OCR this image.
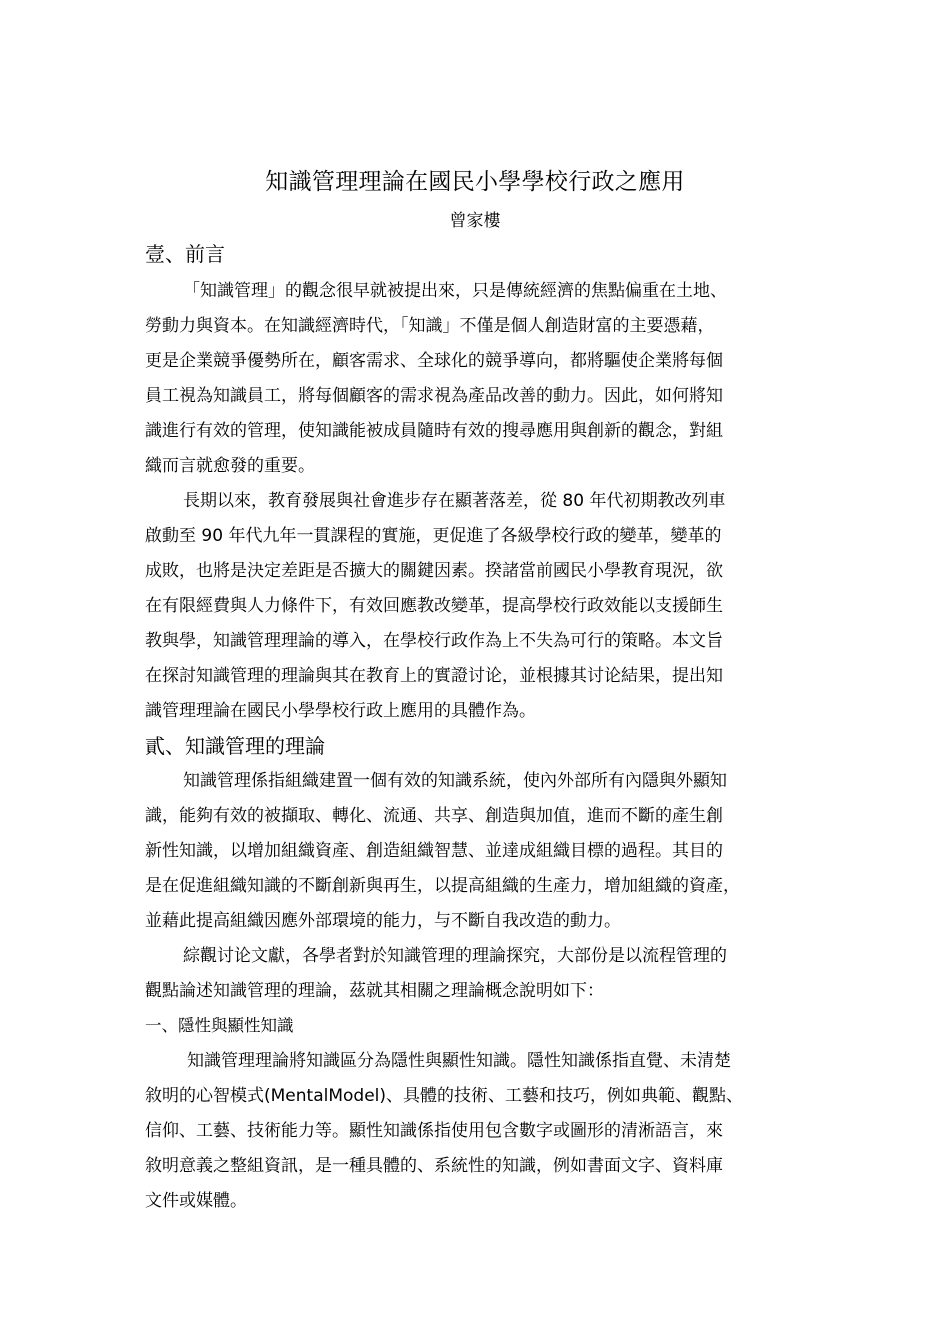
知識管理理論在國民小學學校行政之應用
曾家樓
壹、前言
「知識管理」的觀念很早就被提出來，只是傳統經濟的焦點偏重在土地、
勞動力與資本。在知識經濟時代，「知識」不僅是個人創造財富的主要憑藉，
更是企業競爭優勢所在，顧客需求、全球化的競爭導向，都將驅使企業將每個
員工視為知識員工，將每個顧客的需求視為產品改善的動力。因此，如何將知
識進行有效的管理，使知識能被成員隨時有效的搜尋應用與創新的觀念，對組
織而言就愈發的重要。
長期以來，教育發展與社會進步存在顯著落差，從 80 年代初期教改列車
啟動至 90 年代九年一貫課程的實施，更促進了各級學校行政的變革，變革的
成敗，也將是決定差距是否擴大的關鍵因素。揆諸當前國民小學教育現況，欲
在有限經費與人力條件下，有效回應教改變革，提高學校行政效能以支援師生
教與學，知識管理理論的導入，在學校行政作為上不失為可行的策略。本文旨
在探討知識管理的理論與其在教育上的實證讨论，並根據其讨论結果，提出知
識管理理論在國民小學學校行政上應用的具體作為。
貳、知識管理的理論
知識管理係指組織建置一個有效的知識系統，使內外部所有內隱與外顯知
識，能夠有效的被擷取、轉化、流通、共享、創造與加值，進而不斷的產生創
新性知識，以增加組織資產、創造組織智慧、並達成組織目標的過程。其目的
是在促進組織知識的不斷創新與再生，以提高組織的生產力，增加組織的資產，
並藉此提高組織因應外部環境的能力，与不斷自我改造的動力。
綜觀讨论文獻，各學者對於知識管理的理論探究，大部份是以流程管理的
觀點論述知識管理的理論，茲就其相關之理論概念說明如下：
一、隱性與顯性知識
知識管理理論將知識區分為隱性與顯性知識。隱性知識係指直覺、未清楚
敘明的心智模式(MentalModel)、具體的技術、工藝和技巧，例如典範、觀點、
信仰、工藝、技術能力等。顯性知識係指使用包含數字或圖形的清淅語言，來
敘明意義之整組資訊，是一種具體的、系統性的知識，例如書面文字、資料庫
文件或媒體。
